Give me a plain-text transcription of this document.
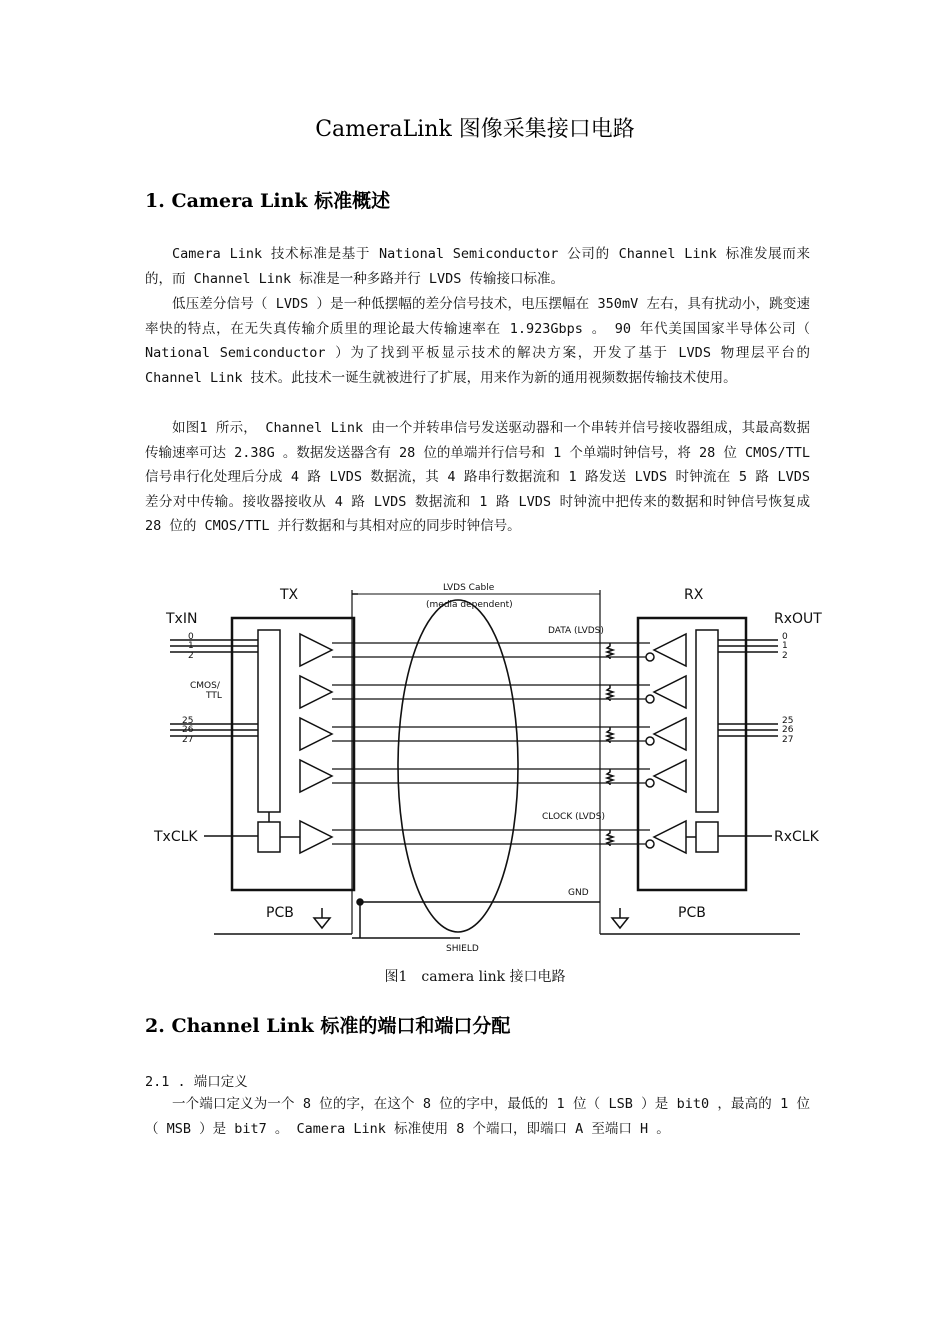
CameraLink 图像采集接口电路
1. Camera Link 标准概述

Camera Link 技术标准是基于 National Semiconductor 公司的 Channel Link 标准发展而来的，而 Channel Link 标准是一种多路并行 LVDS 传输接口标准。

低压差分信号（ LVDS ）是一种低摆幅的差分信号技术，电压摆幅在 350mV 左右，具有扰动小，跳变速率快的特点，在无失真传输介质里的理论最大传输速率在 1.923Gbps 。 90 年代美国国家半导体公司（ National Semiconductor ）为了找到平板显示技术的解决方案，开发了基于 LVDS 物理层平台的 Channel Link 技术。此技术一诞生就被进行了扩展，用来作为新的通用视频数据传输技术使用。

如图1 所示， Channel Link 由一个并转串信号发送驱动器和一个串转并信号接收器组成，其最高数据传输速率可达 2.38G 。数据发送器含有 28 位的单端并行信号和 1 个单端时钟信号，将 28 位 CMOS/TTL 信号串行化处理后分成 4 路 LVDS 数据流，其 4 路串行数据流和 1 路发送 LVDS 时钟流在 5 路 LVDS 差分对中传输。接收器接收从 4 路 LVDS 数据流和 1 路 LVDS 时钟流中把传来的数据和时钟信号恢复成 28 位的 CMOS/TTL 并行数据和与其相对应的同步时钟信号。

TX	RX
TxIN	RxOUT
LVDS Cable
(media dependent)
DATA (LVDS)
CLOCK (LVDS)
CMOS/
TTL
TxCLK	RxCLK
PCB	PCB
GND
SHIELD
0
1
2
25
26
27
0
1
2
25
26
27
图1　camera link 接口电路
2. Channel Link 标准的端口和端口分配
2.1 . 端口定义

一个端口定义为一个 8 位的字，在这个 8 位的字中，最低的 1 位（ LSB ）是 bit0 ，最高的 1 位（ MSB ）是 bit7 。 Camera Link 标准使用 8 个端口，即端口 A 至端口 H 。
